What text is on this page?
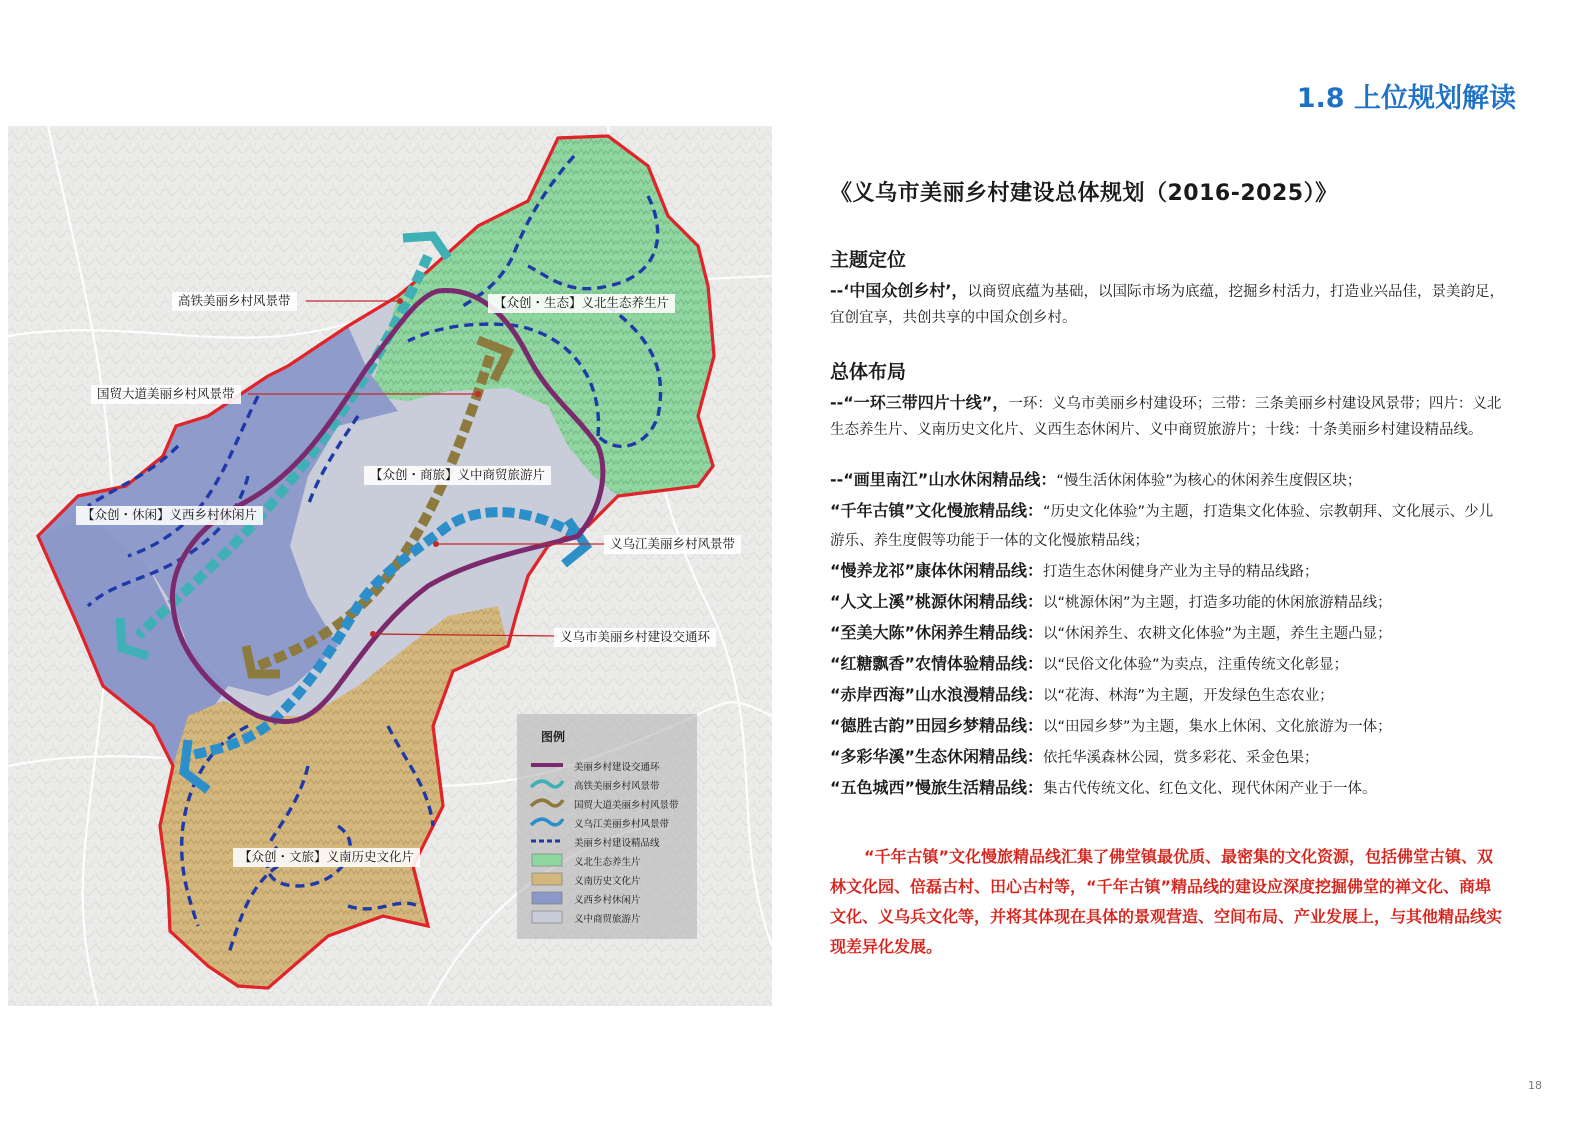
1.8 上位规划解读
高铁美丽乡村风景带
国贸大道美丽乡村风景带
义乌江美丽乡村风景带
义乌市美丽乡村建设交通环
【众创・生态】义北生态养生片
【众创・商旅】义中商贸旅游片
【众创・休闲】义西乡村休闲片
【众创・文旅】义南历史文化片
图例
美丽乡村建设交通环
高铁美丽乡村风景带
国贸大道美丽乡村风景带
义乌江美丽乡村风景带
美丽乡村建设精品线
义北生态养生片
义南历史文化片
义西乡村休闲片
义中商贸旅游片
《义乌市美丽乡村建设总体规划（2016-2025）》
主题定位

--‘中国众创乡村’，以商贸底蕴为基础，以国际市场为底蕴，挖掘乡村活力，打造业兴品佳，景美韵足，宜创宜享，共创共享的中国众创乡村。

总体布局

--“一环三带四片十线”，一环：义乌市美丽乡村建设环；三带：三条美丽乡村建设风景带；四片：义北生态养生片、义南历史文化片、义西生态休闲片、义中商贸旅游片；十线：十条美丽乡村建设精品线。

--“画里南江”山水休闲精品线：“慢生活休闲体验”为核心的休闲养生度假区块；

“千年古镇”文化慢旅精品线：“历史文化体验”为主题，打造集文化体验、宗教朝拜、文化展示、少儿游乐、养生度假等功能于一体的文化慢旅精品线；

“慢养龙祁”康体休闲精品线：打造生态休闲健身产业为主导的精品线路；

“人文上溪”桃源休闲精品线：以“桃源休闲”为主题，打造多功能的休闲旅游精品线；

“至美大陈”休闲养生精品线：以“休闲养生、农耕文化体验”为主题，养生主题凸显；

“红糖飘香”农情体验精品线：以“民俗文化体验”为卖点，注重传统文化彰显；

“赤岸西海”山水浪漫精品线：以“花海、林海”为主题，开发绿色生态农业；

“德胜古韵”田园乡梦精品线：以“田园乡梦”为主题，集水上休闲、文化旅游为一体；

“多彩华溪”生态休闲精品线：依托华溪森林公园，赏多彩花、采金色果；

“五色城西”慢旅生活精品线：集古代传统文化、红色文化、现代休闲产业于一体。

“千年古镇”文化慢旅精品线汇集了佛堂镇最优质、最密集的文化资源，包括佛堂古镇、双林文化园、倍磊古村、田心古村等，“千年古镇”精品线的建设应深度挖掘佛堂的禅文化、商埠文化、义乌兵文化等，并将其体现在具体的景观营造、空间布局、产业发展上，与其他精品线实现差异化发展。

18
